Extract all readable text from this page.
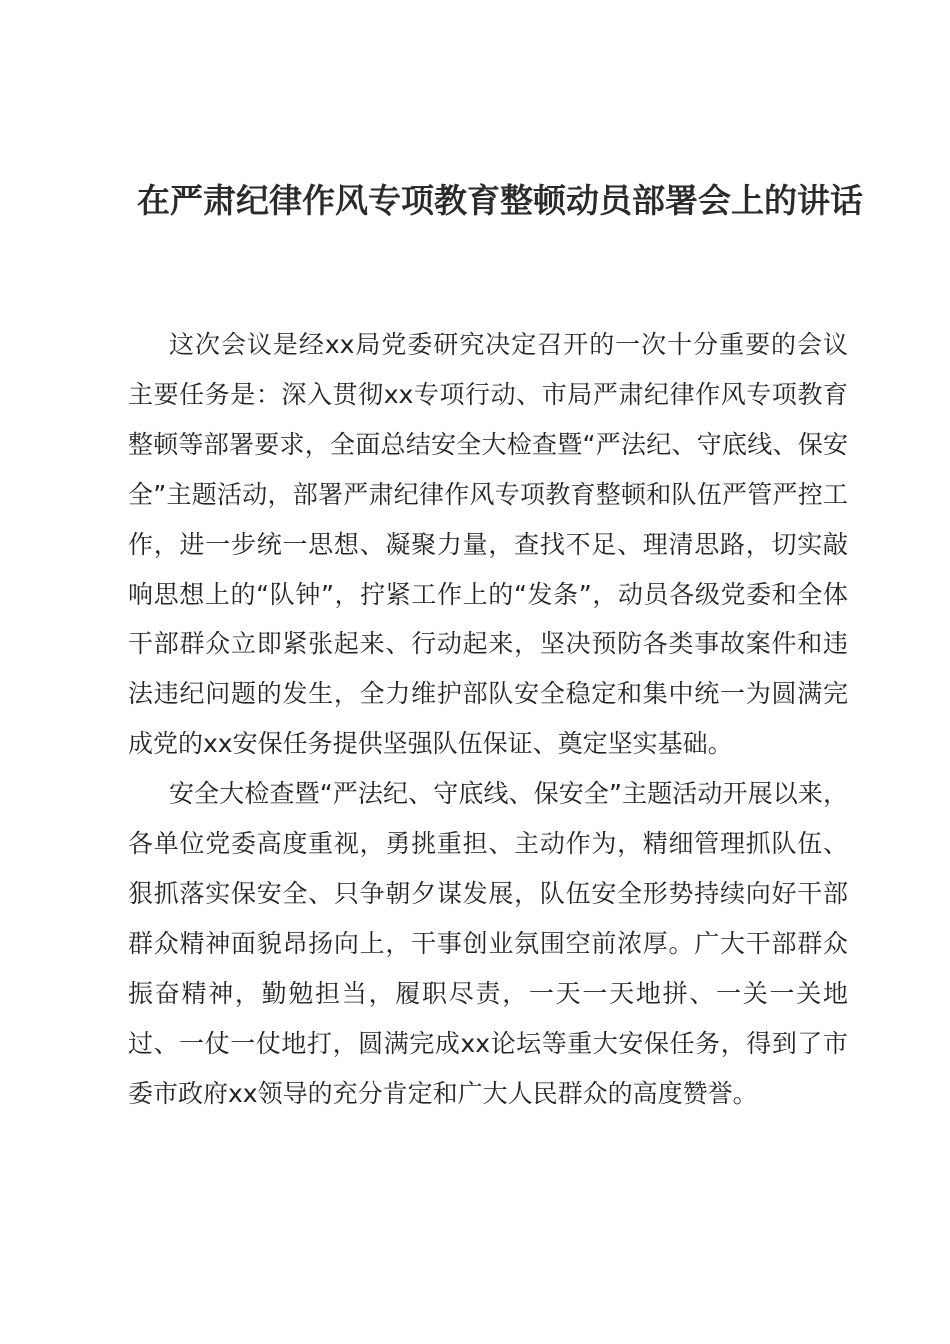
在严肃纪律作风专项教育整顿动员部署会上的讲话

这次会议是经xx局党委研究决定召开的一次十分重要的会议主要任务是：深入贯彻xx专项行动、市局严肃纪律作风专项教育整顿等部署要求，全面总结安全大检查暨“严法纪、守底线、保安全”主题活动，部署严肃纪律作风专项教育整顿和队伍严管严控工作，进一步统一思想、凝聚力量，查找不足、理清思路，切实敲响思想上的“队钟”，拧紧工作上的“发条”，动员各级党委和全体干部群众立即紧张起来、行动起来，坚决预防各类事故案件和违法违纪问题的发生，全力维护部队安全稳定和集中统一为圆满完成党的xx安保任务提供坚强队伍保证、奠定坚实基础。

安全大检查暨“严法纪、守底线、保安全”主题活动开展以来，各单位党委高度重视，勇挑重担、主动作为，精细管理抓队伍、狠抓落实保安全、只争朝夕谋发展，队伍安全形势持续向好干部群众精神面貌昂扬向上，干事创业氛围空前浓厚。广大干部群众振奋精神，勤勉担当，履职尽责，一天一天地拼、一关一关地过、一仗一仗地打，圆满完成xx论坛等重大安保任务，得到了市委市政府xx领导的充分肯定和广大人民群众的高度赞誉。
